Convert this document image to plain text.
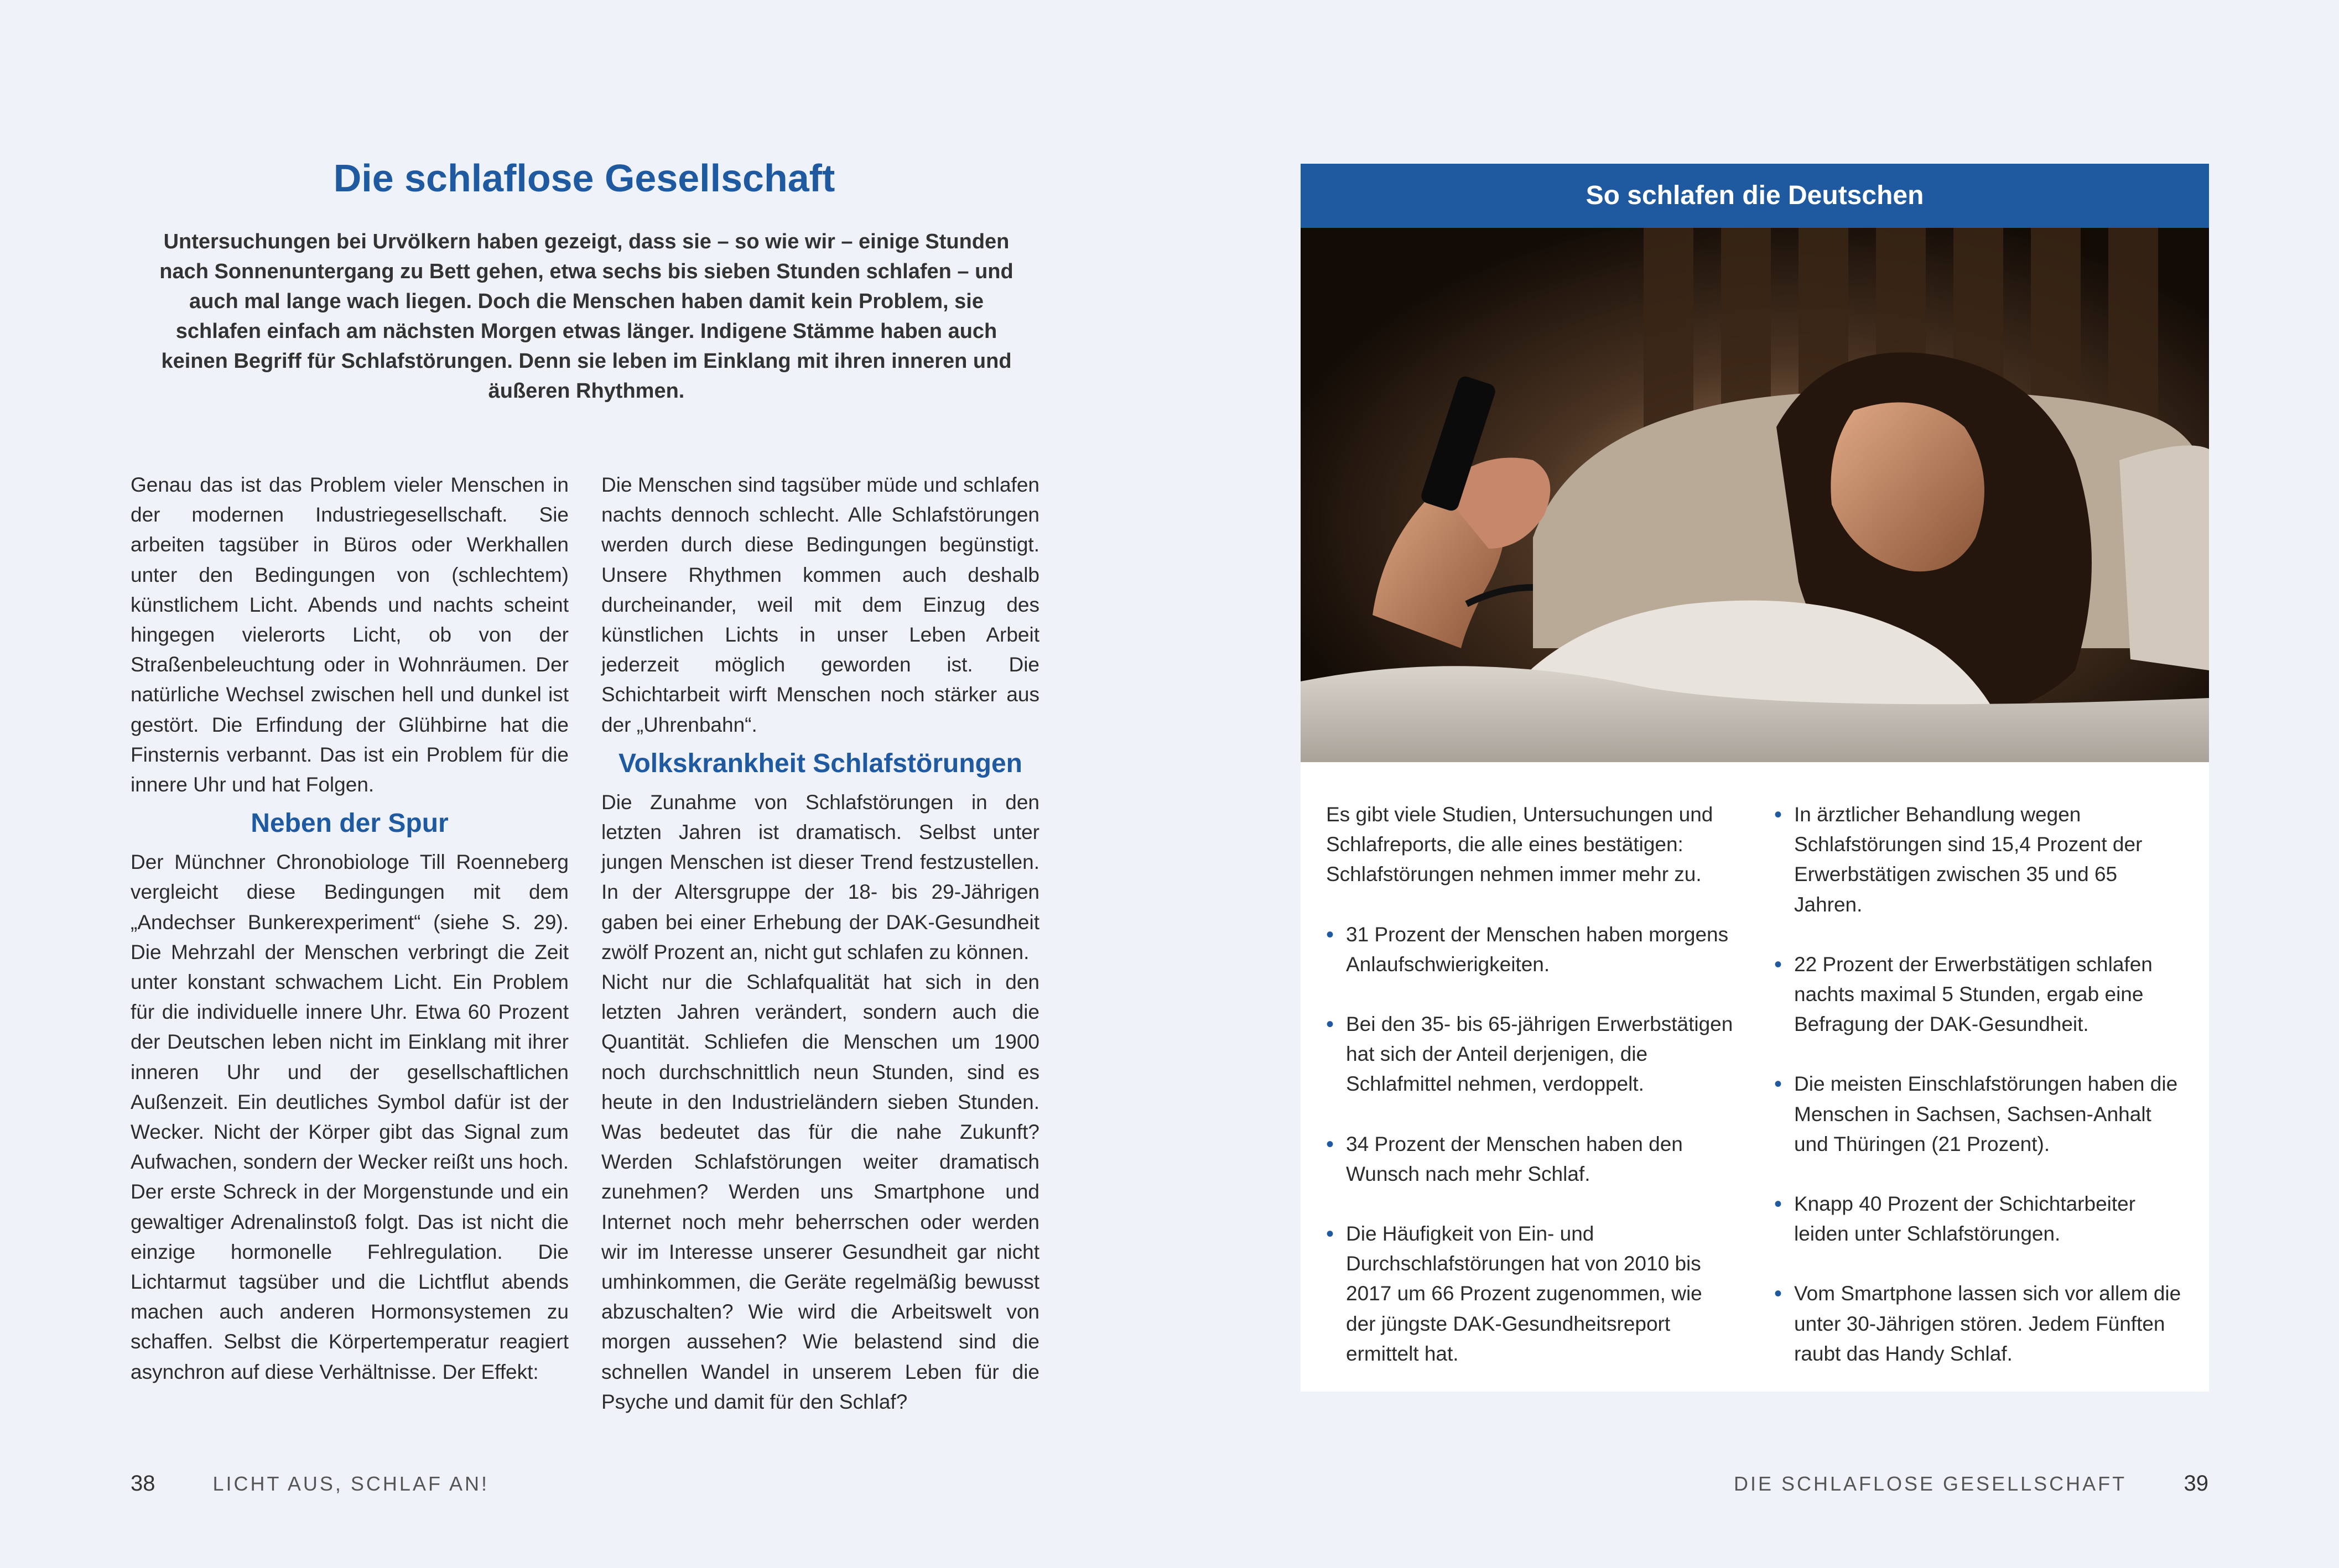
Die schlaflose Gesellschaft

Untersuchungen bei Urvölkern haben gezeigt, dass sie – so wie wir – einige Stunden nach Sonnenuntergang zu Bett gehen, etwa sechs bis sieben Stunden schlafen – und auch mal lange wach liegen. Doch die Menschen haben damit kein Problem, sie schlafen einfach am nächsten Morgen etwas länger. Indigene Stämme haben auch keinen Begriff für Schlafstörungen. Denn sie leben im Einklang mit ihren inneren und äußeren Rhythmen.

Genau das ist das Problem vieler Menschen in der modernen Industriegesellschaft. Sie arbeiten tagsüber in Büros oder Werkhallen unter den Bedingungen von (schlechtem) künstlichem Licht. Abends und nachts scheint hingegen vielerorts Licht, ob von der Straßenbeleuchtung oder in Wohnräumen. Der natürliche Wechsel zwischen hell und dunkel ist gestört. Die Erfindung der Glühbirne hat die Finsternis verbannt. Das ist ein Problem für die innere Uhr und hat Folgen.

Neben der Spur

Der Münchner Chronobiologe Till Roenneberg vergleicht diese Bedingungen mit dem „Andechser Bunkerexperiment“ (siehe S. 29). Die Mehrzahl der Menschen verbringt die Zeit unter konstant schwachem Licht. Ein Problem für die individuelle innere Uhr. Etwa 60 Prozent der Deutschen leben nicht im Einklang mit ihrer inneren Uhr und der gesellschaftlichen Außenzeit. Ein deutliches Symbol dafür ist der Wecker. Nicht der Körper gibt das Signal zum Aufwachen, sondern der Wecker reißt uns hoch. Der erste Schreck in der Morgenstunde und ein gewaltiger Adrenalinstoß folgt. Das ist nicht die einzige hormonelle Fehlregulation. Die Lichtarmut tagsüber und die Lichtflut abends machen auch anderen Hormonsystemen zu schaffen. Selbst die Körpertemperatur reagiert asynchron auf diese Verhältnisse. Der Effekt:

Die Menschen sind tagsüber müde und schlafen nachts dennoch schlecht. Alle Schlafstörungen werden durch diese Bedingungen begünstigt. Unsere Rhythmen kommen auch deshalb durcheinander, weil mit dem Einzug des künstlichen Lichts in unser Leben Arbeit jederzeit möglich geworden ist. Die Schichtarbeit wirft Menschen noch stärker aus der „Uhrenbahn“.

Volkskrankheit Schlafstörungen

Die Zunahme von Schlafstörungen in den letzten Jahren ist dramatisch. Selbst unter jungen Menschen ist dieser Trend festzustellen. In der Altersgruppe der 18- bis 29-Jährigen gaben bei einer Erhebung der DAK-Gesundheit zwölf Prozent an, nicht gut schlafen zu können.

Nicht nur die Schlafqualität hat sich in den letzten Jahren verändert, sondern auch die Quantität. Schliefen die Menschen um 1900 noch durchschnittlich neun Stunden, sind es heute in den Industrieländern sieben Stunden. Was bedeutet das für die nahe Zukunft? Werden Schlafstörungen weiter dramatisch zunehmen? Werden uns Smartphone und Internet noch mehr beherrschen oder werden wir im Interesse unserer Gesundheit gar nicht umhinkommen, die Geräte regelmäßig bewusst abzuschalten? Wie wird die Arbeitswelt von morgen aussehen? Wie belastend sind die schnellen Wandel in unserem Leben für die Psyche und damit für den Schlaf?

38	LICHT AUS, SCHLAF AN!
So schlafen die Deutschen

Es gibt viele Studien, Untersuchungen und Schlafreports, die alle eines bestätigen: Schlafstörungen nehmen immer mehr zu.

• 31 Prozent der Menschen haben morgens Anlaufschwierigkeiten.
• Bei den 35- bis 65-jährigen Erwerbstätigen hat sich der Anteil derjenigen, die Schlafmittel nehmen, verdoppelt.
• 34 Prozent der Menschen haben den Wunsch nach mehr Schlaf.
• Die Häufigkeit von Ein- und Durchschlafstörungen hat von 2010 bis 2017 um 66 Prozent zugenommen, wie der jüngste DAK-Gesundheitsreport ermittelt hat.
• In ärztlicher Behandlung wegen Schlafstörungen sind 15,4 Prozent der Erwerbstätigen zwischen 35 und 65 Jahren.
• 22 Prozent der Erwerbstätigen schlafen nachts maximal 5 Stunden, ergab eine Befragung der DAK-Gesundheit.
• Die meisten Einschlafstörungen haben die Menschen in Sachsen, Sachsen-Anhalt und Thüringen (21 Prozent).
• Knapp 40 Prozent der Schichtarbeiter leiden unter Schlafstörungen.
• Vom Smartphone lassen sich vor allem die unter 30-Jährigen stören. Jedem Fünften raubt das Handy Schlaf.
DIE SCHLAFLOSE GESELLSCHAFT	39
